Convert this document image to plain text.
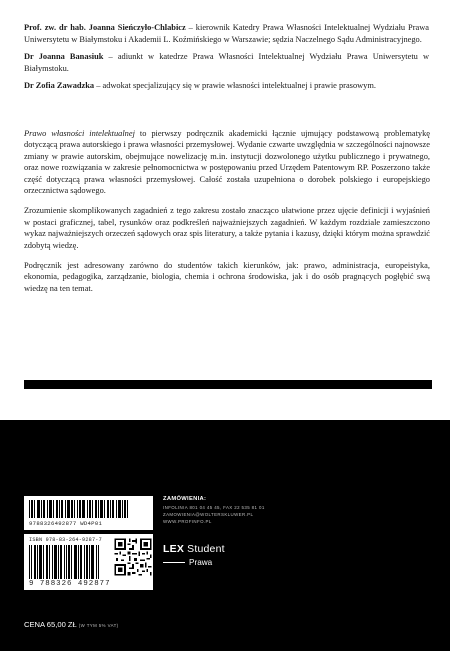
Prof. zw. dr hab. Joanna Sieńczyło-Chlabicz – kierownik Katedry Prawa Własności Intelektualnej Wydziału Prawa Uniwersytetu w Białymstoku i Akademii L. Koźmińskiego w Warszawie; sędzia Naczelnego Sądu Administracyjnego.

Dr Joanna Banasiuk – adiunkt w katedrze Prawa Własności Intelektualnej Wydziału Prawa Uniwersytetu w Białymstoku.

Dr Zofia Zawadzka – adwokat specjalizujący się w prawie własności intelektualnej i prawie prasowym.

Prawo własności intelektualnej to pierwszy podręcznik akademicki łącznie ujmujący podstawową problematykę dotyczącą prawa autorskiego i prawa własności przemysłowej. Wydanie czwarte uwzględnia w szczególności najnowsze zmiany w prawie autorskim, obejmujące nowelizację m.in. instytucji dozwolonego użytku publicznego i prywatnego, oraz nowe rozwiązania w zakresie pełnomocnictwa w postępowaniu przed Urzędem Patentowym RP. Poszerzono także część dotyczącą prawa własności przemysłowej. Całość została uzupełniona o dorobek polskiego i europejskiego orzecznictwa sądowego.

Zrozumienie skomplikowanych zagadnień z tego zakresu zostało znacząco ułatwione przez ujęcie definicji i wyjaśnień w postaci graficznej, tabel, rysunków oraz podkreśleń najważniejszych zagadnień. W każdym rozdziale zamieszczono wykaz najważniejszych orzeczeń sądowych oraz spis literatury, a także pytania i kazusy, dzięki którym można sprawdzić zdobytą wiedzę.

Podręcznik jest adresowany zarówno do studentów takich kierunków, jak: prawo, administracja, europeistyka, ekonomia, pedagogika, zarządzanie, biologia, chemia i ochrona środowiska, jak i do osób pragnących pogłębić swą wiedzę na ten temat.

9788326492877 WD4P01
ISBN 978-83-264-9287-7
9 788326 492877
ZAMÓWIENIA:
INFOLINIA 801 04 45 45, FAX 22 535 81 01
ZAMOWIENIA@WOLTERSKLUWER.PL
WWW.PROFINFO.PL
LEX Student
Prawa
CENA 65,00 ZŁ (W TYM 5% VAT)
